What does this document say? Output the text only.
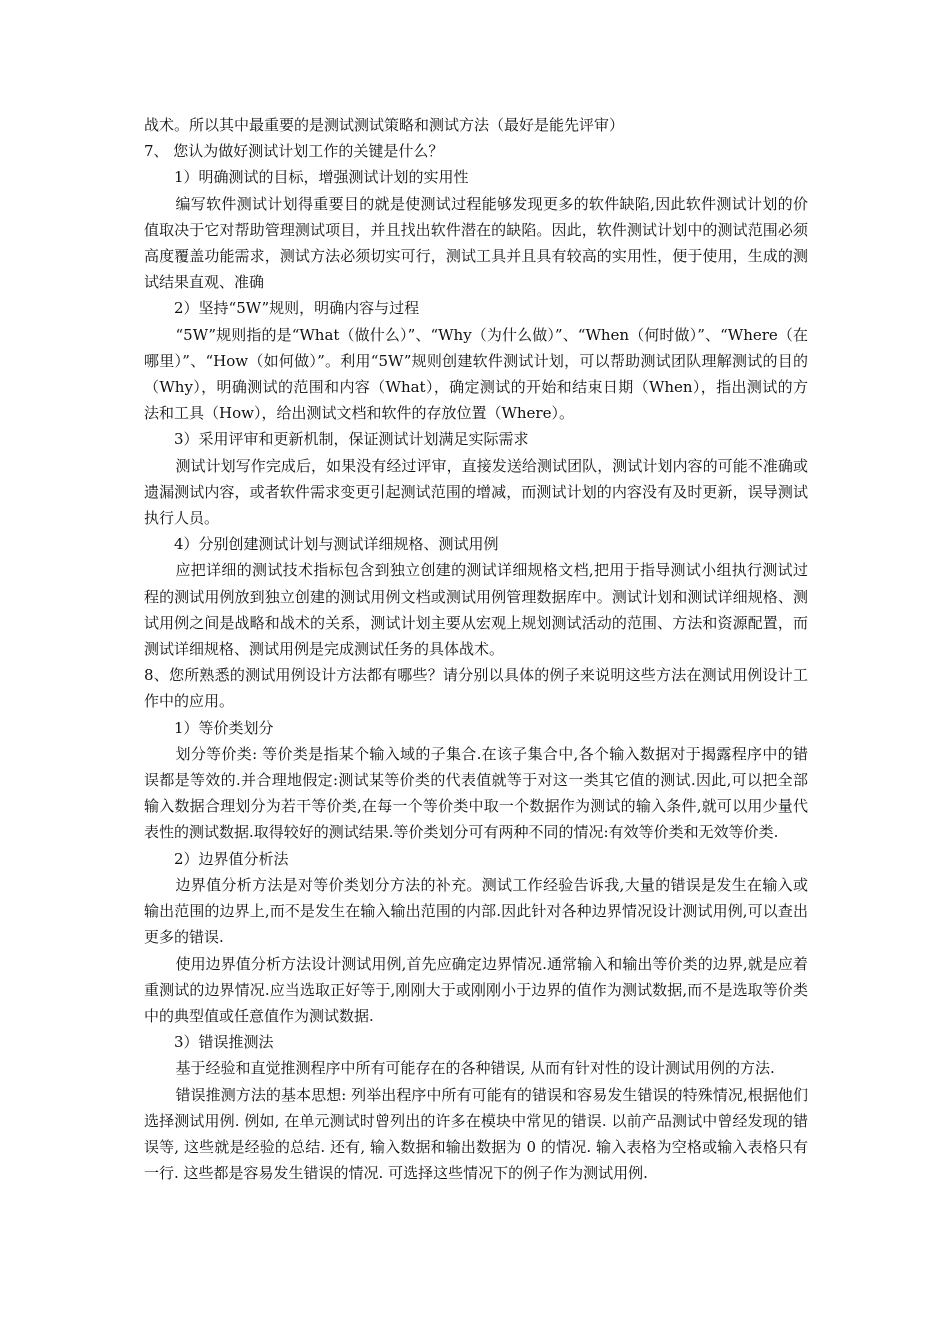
战术。所以其中最重要的是测试测试策略和测试方法（最好是能先评审）

7、 您认为做好测试计划工作的关键是什么？

1）明确测试的目标，增强测试计划的实用性

编写软件测试计划得重要目的就是使测试过程能够发现更多的软件缺陷,因此软件测试计划的价值取决于它对帮助管理测试项目，并且找出软件潜在的缺陷。因此，软件测试计划中的测试范围必须高度覆盖功能需求，测试方法必须切实可行，测试工具并且具有较高的实用性，便于使用，生成的测试结果直观、准确

2）坚持“5W”规则，明确内容与过程

“5W”规则指的是“What（做什么）”、“Why（为什么做）”、“When（何时做）”、“Where（在哪里）”、“How（如何做）”。利用“5W”规则创建软件测试计划，可以帮助测试团队理解测试的目的（Why），明确测试的范围和内容（What），确定测试的开始和结束日期（When），指出测试的方法和工具（How），给出测试文档和软件的存放位置（Where）。

3）采用评审和更新机制，保证测试计划满足实际需求

测试计划写作完成后，如果没有经过评审，直接发送给测试团队，测试计划内容的可能不准确或遗漏测试内容，或者软件需求变更引起测试范围的增减，而测试计划的内容没有及时更新，误导测试执行人员。

4）分别创建测试计划与测试详细规格、测试用例

应把详细的测试技术指标包含到独立创建的测试详细规格文档,把用于指导测试小组执行测试过程的测试用例放到独立创建的测试用例文档或测试用例管理数据库中。测试计划和测试详细规格、测试用例之间是战略和战术的关系，测试计划主要从宏观上规划测试活动的范围、方法和资源配置，而测试详细规格、测试用例是完成测试任务的具体战术。

8、您所熟悉的测试用例设计方法都有哪些？请分别以具体的例子来说明这些方法在测试用例设计工作中的应用。

1）等价类划分

划分等价类: 等价类是指某个输入域的子集合.在该子集合中,各个输入数据对于揭露程序中的错误都是等效的.并合理地假定:测试某等价类的代表值就等于对这一类其它值的测试.因此,可以把全部输入数据合理划分为若干等价类,在每一个等价类中取一个数据作为测试的输入条件,就可以用少量代表性的测试数据.取得较好的测试结果.等价类划分可有两种不同的情况:有效等价类和无效等价类.

2）边界值分析法

边界值分析方法是对等价类划分方法的补充。测试工作经验告诉我,大量的错误是发生在输入或输出范围的边界上,而不是发生在输入输出范围的内部.因此针对各种边界情况设计测试用例,可以查出更多的错误.

使用边界值分析方法设计测试用例,首先应确定边界情况.通常输入和输出等价类的边界,就是应着重测试的边界情况.应当选取正好等于,刚刚大于或刚刚小于边界的值作为测试数据,而不是选取等价类中的典型值或任意值作为测试数据.

3）错误推测法

基于经验和直觉推测程序中所有可能存在的各种错误, 从而有针对性的设计测试用例的方法.

错误推测方法的基本思想: 列举出程序中所有可能有的错误和容易发生错误的特殊情况,根据他们选择测试用例. 例如, 在单元测试时曾列出的许多在模块中常见的错误. 以前产品测试中曾经发现的错误等, 这些就是经验的总结. 还有, 输入数据和输出数据为 0 的情况. 输入表格为空格或输入表格只有一行. 这些都是容易发生错误的情况. 可选择这些情况下的例子作为测试用例.
